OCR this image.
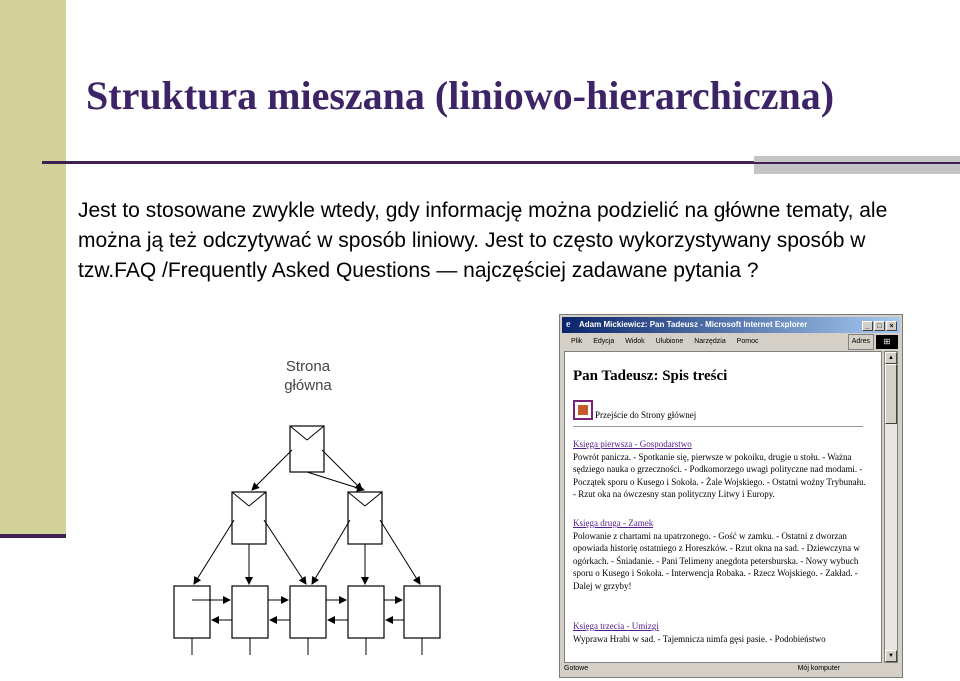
Struktura mieszana (liniowo-hierarchiczna)
Jest to stosowane zwykle wtedy, gdy informację można podzielić na główne tematy, ale można ją też odczytywać w sposób liniowy. Jest to często wykorzystywany sposób w tzw.FAQ /Frequently Asked Questions — najczęściej zadawane pytania ?
Strona
główna
e	Adam Mickiewicz: Pan Tadeusz - Microsoft Internet Explorer	_	□	×
Plik Edycja Widok Ulubione Narzędzia Pomoc	Adres	⊞
Pan Tadeusz: Spis treści
Przejście do Strony głównej
Księga pierwsza - Gospodarstwo
Powrót panicza. - Spotkanie się, pierwsze w pokoiku, drugie u stołu. - Ważna sędziego nauka o grzeczności. - Podkomorzego uwagi polityczne nad modami. - Początek sporu o Kusego i Sokoła. - Żale Wojskiego. - Ostatni woźny Trybunału. - Rzut oka na ówczesny stan polityczny Litwy i Europy.
Księga druga - Zamek
Polowanie z chartami na upatrzonego. - Gość w zamku. - Ostatni z dworzan opowiada historię ostatniego z Horeszków. - Rzut okna na sad. - Dziewczyna w ogórkach. - Śniadanie. - Pani Telimeny anegdota petersburska. - Nowy wybuch sporu o Kusego i Sokoła. - Interwencja Robaka. - Rzecz Wojskiego. - Zakład. - Dalej w grzyby!
Księga trzecia - Umizgi
Wyprawa Hrabi w sad. - Tajemnicza nimfa gęsi pasie. - Podobieństwo
▲
▼
Gotowe	Mój komputer
